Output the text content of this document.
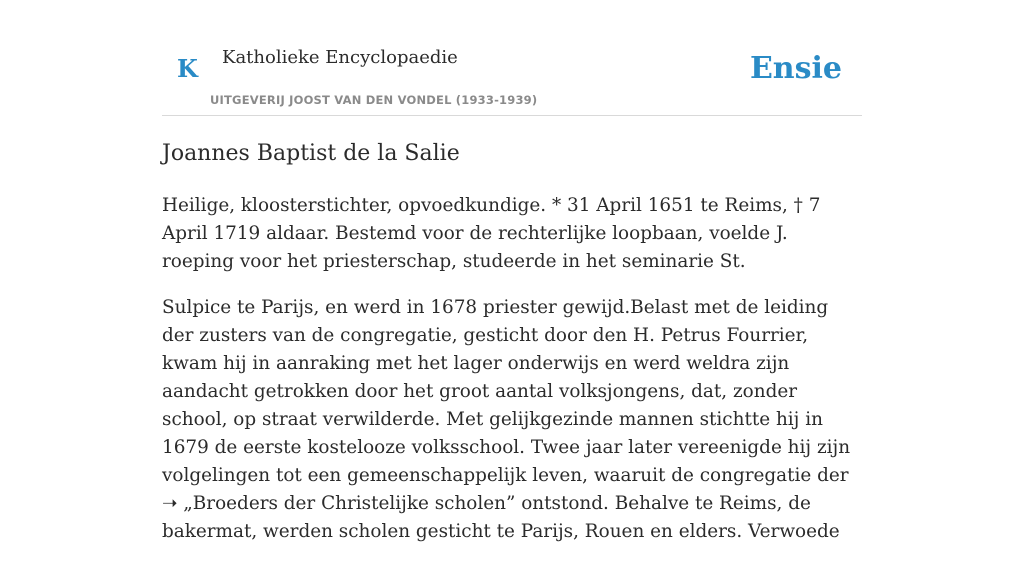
K Katholieke Encyclopaedie
UITGEVERIJ JOOST VAN DEN VONDEL (1933-1939)
Ensie
Joannes Baptist de la Salie

Heilige, kloosterstichter, opvoedkundige. * 31 April 1651 te Reims, † 7 April 1719 aldaar. Bestemd voor de rechterlijke loopbaan, voelde J. roeping voor het priesterschap, studeerde in het seminarie St.

Sulpice te Parijs, en werd in 1678 priester gewijd.Belast met de leiding der zusters van de congregatie, gesticht door den H. Petrus Fourrier, kwam hij in aanraking met het lager onderwijs en werd weldra zijn aandacht getrokken door het groot aantal volksjongens, dat, zonder school, op straat verwilderde. Met gelijkgezinde mannen stichtte hij in 1679 de eerste kostelooze volksschool. Twee jaar later vereenigde hij zijn volgelingen tot een gemeenschappelijk leven, waaruit de congregatie der ➝ „Broeders der Christelijke scholen” ontstond. Behalve te Reims, de bakermat, werden scholen gesticht te Parijs, Rouen en elders. Verwoede
